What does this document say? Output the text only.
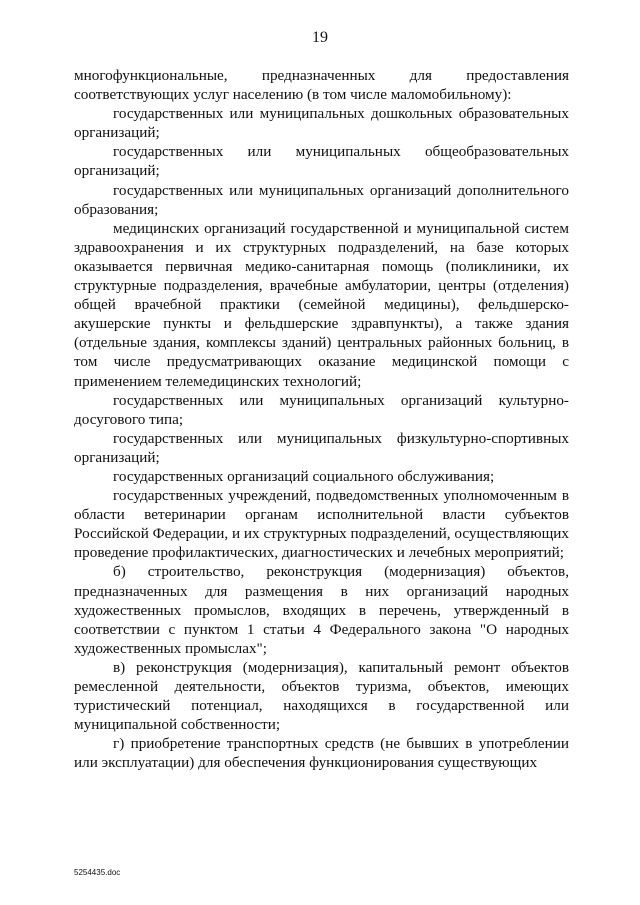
19

многофункциональные, предназначенных для предоставления соответствующих услуг населению (в том числе маломобильному):

государственных или муниципальных дошкольных образовательных организаций;

государственных или муниципальных общеобразовательных организаций;

государственных или муниципальных организаций дополнительного образования;

медицинских организаций государственной и муниципальной систем здравоохранения и их структурных подразделений, на базе которых оказывается первичная медико-санитарная помощь (поликлиники, их структурные подразделения, врачебные амбулатории, центры (отделения) общей врачебной практики (семейной медицины), фельдшерско-акушерские пункты и фельдшерские здравпункты), а также здания (отдельные здания, комплексы зданий) центральных районных больниц, в том числе предусматривающих оказание медицинской помощи с применением телемедицинских технологий;

государственных или муниципальных организаций культурно-досугового типа;

государственных или муниципальных физкультурно-спортивных организаций;

государственных организаций социального обслуживания;

государственных учреждений, подведомственных уполномоченным в области ветеринарии органам исполнительной власти субъектов Российской Федерации, и их структурных подразделений, осуществляющих проведение профилактических, диагностических и лечебных мероприятий;

б) строительство, реконструкция (модернизация) объектов, предназначенных для размещения в них организаций народных художественных промыслов, входящих в перечень, утвержденный в соответствии с пунктом 1 статьи 4 Федерального закона "О народных художественных промыслах";

в) реконструкция (модернизация), капитальный ремонт объектов ремесленной деятельности, объектов туризма, объектов, имеющих туристический потенциал, находящихся в государственной или муниципальной собственности;

г) приобретение транспортных средств (не бывших в употреблении или эксплуатации) для обеспечения функционирования существующих

5254435.doc
